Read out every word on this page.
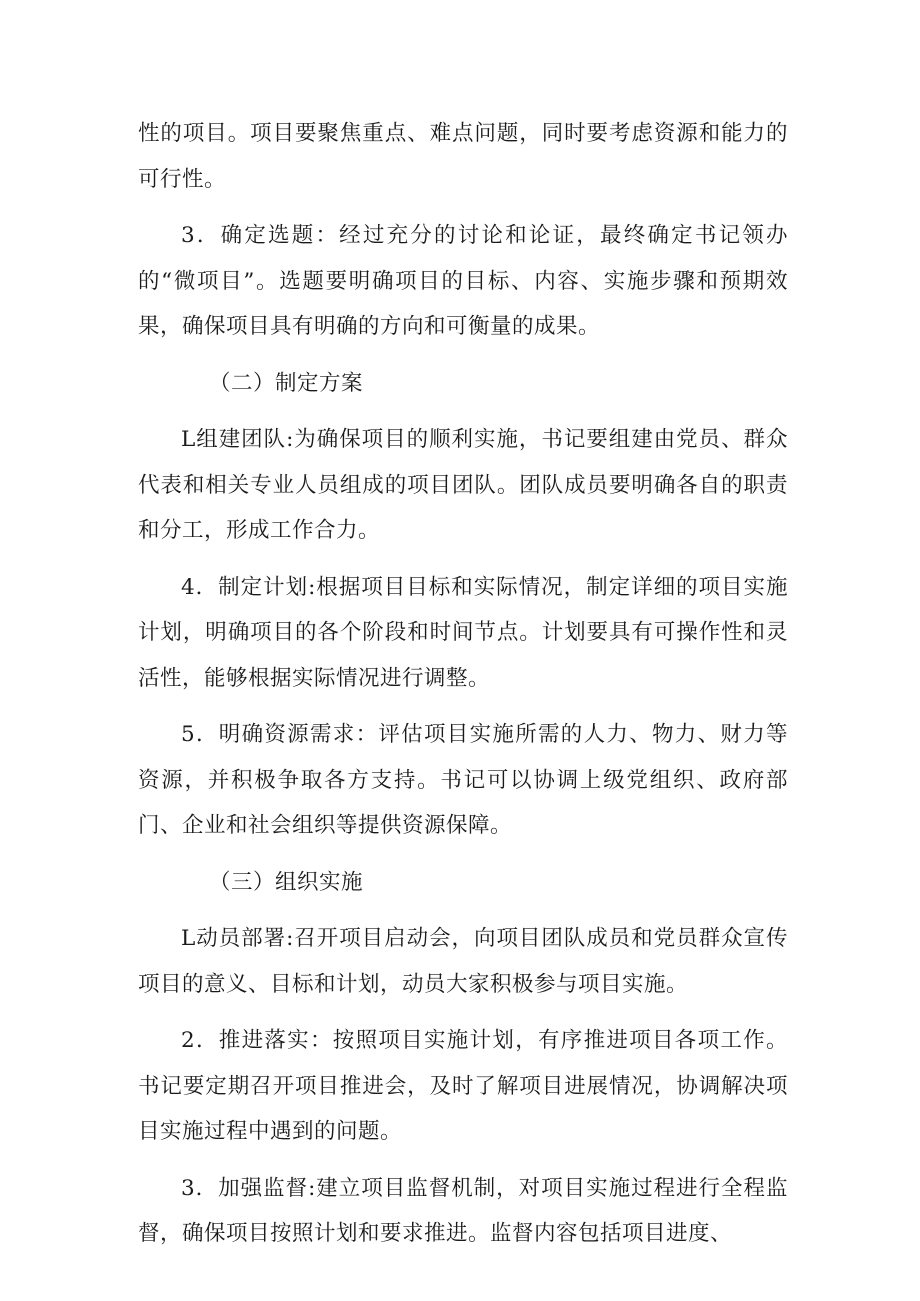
性的项目。项目要聚焦重点、难点问题，同时要考虑资源和能力的可行性。

3．确定选题：经过充分的讨论和论证，最终确定书记领办的“微项目”。选题要明确项目的目标、内容、实施步骤和预期效果，确保项目具有明确的方向和可衡量的成果。

（二）制定方案

L组建团队:为确保项目的顺利实施，书记要组建由党员、群众代表和相关专业人员组成的项目团队。团队成员要明确各自的职责和分工，形成工作合力。

4．制定计划:根据项目目标和实际情况，制定详细的项目实施计划，明确项目的各个阶段和时间节点。计划要具有可操作性和灵活性，能够根据实际情况进行调整。

5．明确资源需求：评估项目实施所需的人力、物力、财力等资源，并积极争取各方支持。书记可以协调上级党组织、政府部门、企业和社会组织等提供资源保障。

（三）组织实施

L动员部署:召开项目启动会，向项目团队成员和党员群众宣传项目的意义、目标和计划，动员大家积极参与项目实施。

2．推进落实：按照项目实施计划，有序推进项目各项工作。书记要定期召开项目推进会，及时了解项目进展情况，协调解决项目实施过程中遇到的问题。

3．加强监督:建立项目监督机制，对项目实施过程进行全程监督，确保项目按照计划和要求推进。监督内容包括项目进度、
